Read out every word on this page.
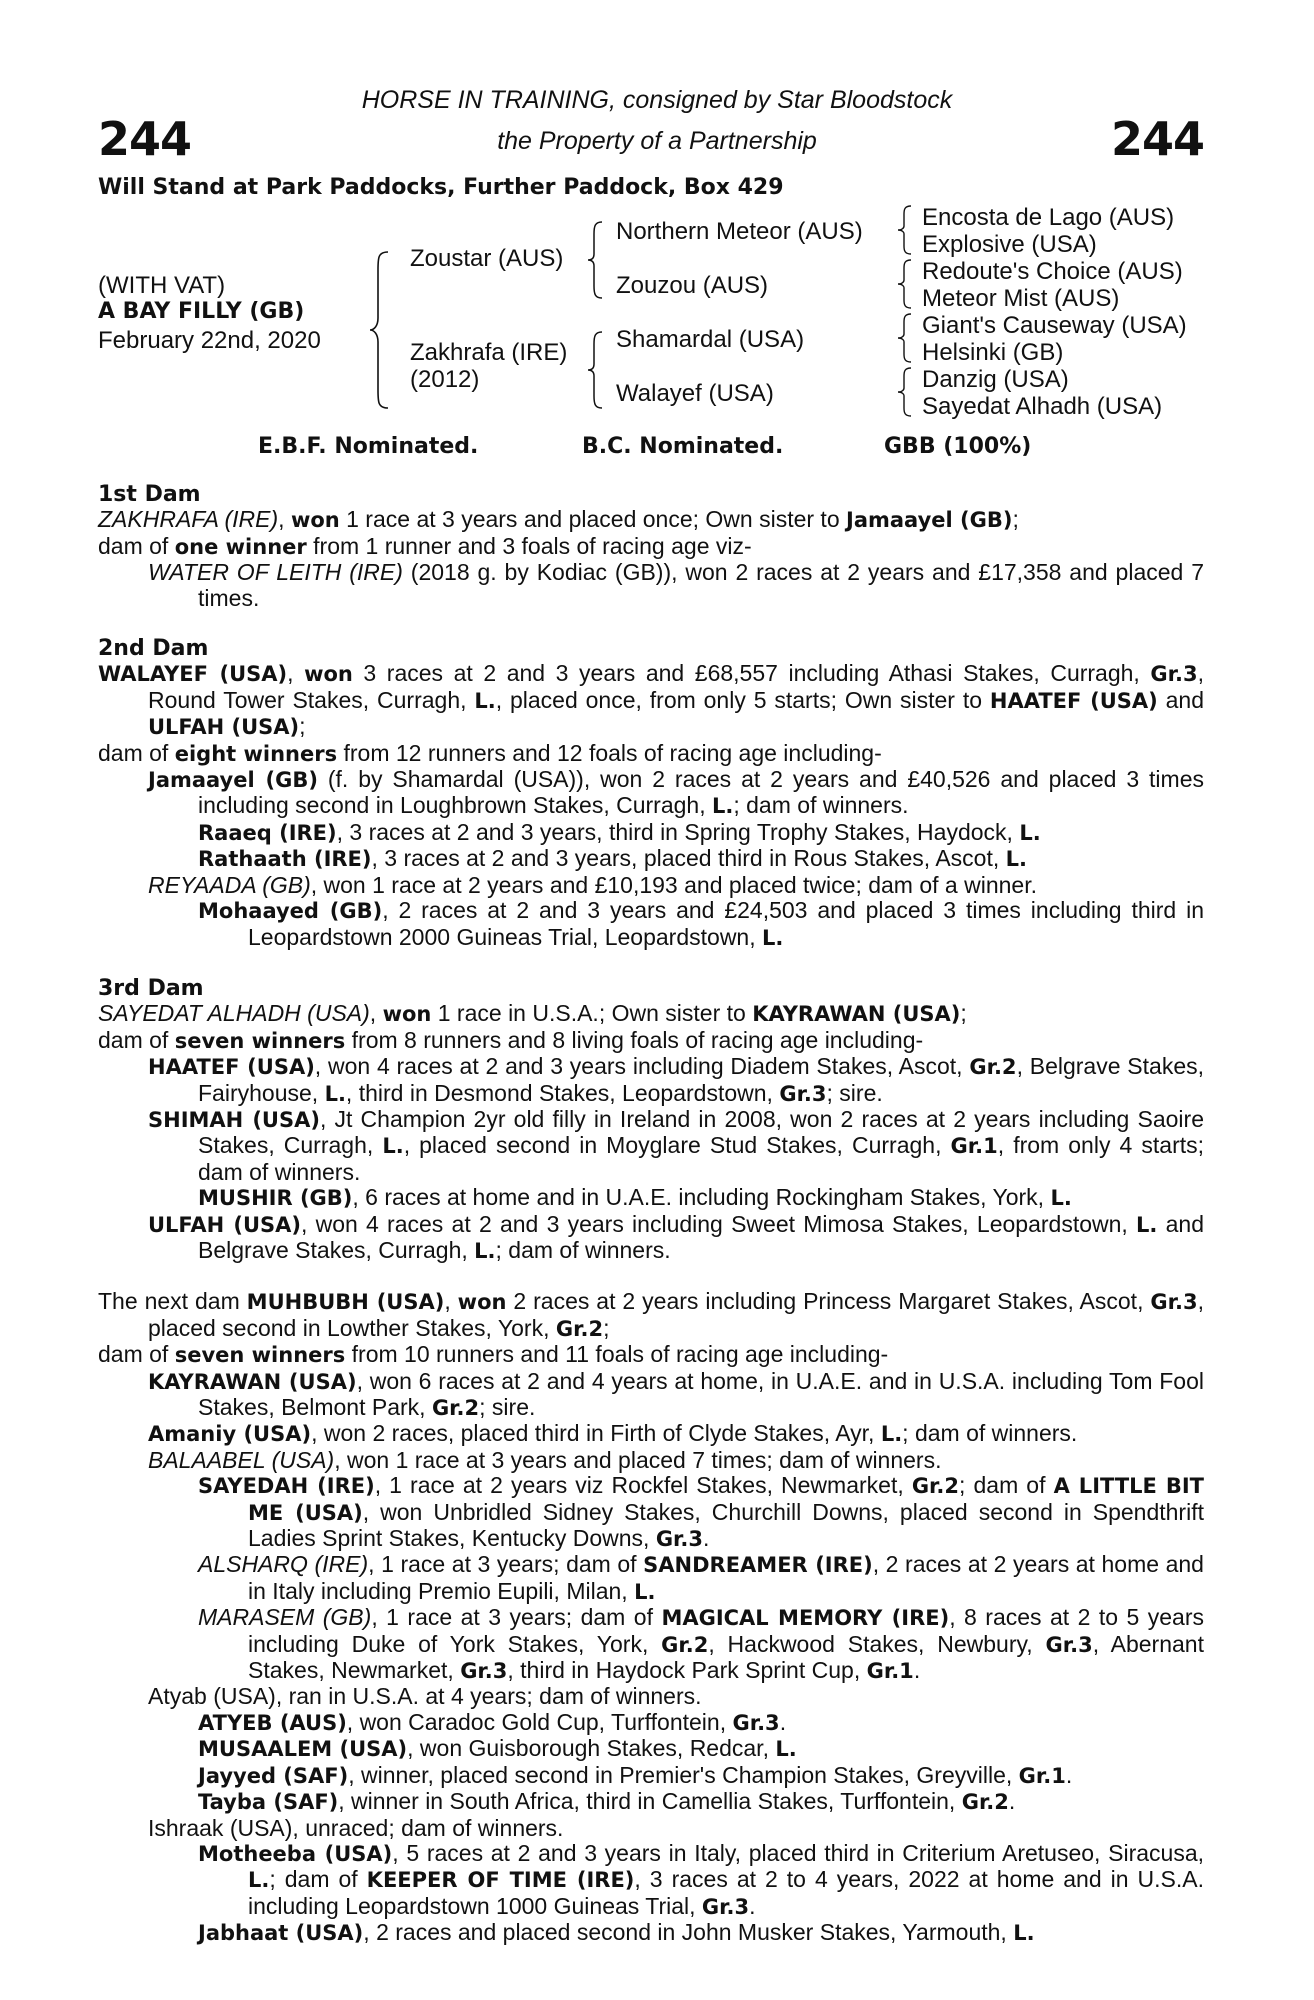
244	244
HORSE IN TRAINING, consigned by Star Bloodstock
the Property of a Partnership
Will Stand at Park Paddocks, Further Paddock, Box 429
(WITH VAT)
A BAY FILLY (GB)
February 22nd, 2020
Zoustar (AUS)
Zakhrafa (IRE)
(2012)
Northern Meteor (AUS)
Zouzou (AUS)
Shamardal (USA)
Walayef (USA)
Encosta de Lago (AUS)
Explosive (USA)
Redoute's Choice (AUS)
Meteor Mist (AUS)
Giant's Causeway (USA)
Helsinki (GB)
Danzig (USA)
Sayedat Alhadh (USA)
E.B.F. Nominated.	B.C. Nominated.	GBB (100%)
1st Dam

ZAKHRAFA (IRE), won 1 race at 3 years and placed once; Own sister to Jamaayel (GB);

dam of one winner from 1 runner and 3 foals of racing age viz-

WATER OF LEITH (IRE) (2018 g. by Kodiac (GB)), won 2 races at 2 years and £17,358 and placed 7 times.

2nd Dam

WALAYEF (USA), won 3 races at 2 and 3 years and £68,557 including Athasi Stakes, Curragh, Gr.3, Round Tower Stakes, Curragh, L., placed once, from only 5 starts; Own sister to HAATEF (USA) and ULFAH (USA);

dam of eight winners from 12 runners and 12 foals of racing age including-

Jamaayel (GB) (f. by Shamardal (USA)), won 2 races at 2 years and £40,526 and placed 3 times including second in Loughbrown Stakes, Curragh, L.; dam of winners.

Raaeq (IRE), 3 races at 2 and 3 years, third in Spring Trophy Stakes, Haydock, L.

Rathaath (IRE), 3 races at 2 and 3 years, placed third in Rous Stakes, Ascot, L.

REYAADA (GB), won 1 race at 2 years and £10,193 and placed twice; dam of a winner.

Mohaayed (GB), 2 races at 2 and 3 years and £24,503 and placed 3 times including third in Leopardstown 2000 Guineas Trial, Leopardstown, L.

3rd Dam

SAYEDAT ALHADH (USA), won 1 race in U.S.A.; Own sister to KAYRAWAN (USA);

dam of seven winners from 8 runners and 8 living foals of racing age including-

HAATEF (USA), won 4 races at 2 and 3 years including Diadem Stakes, Ascot, Gr.2, Belgrave Stakes, Fairyhouse, L., third in Desmond Stakes, Leopardstown, Gr.3; sire.

SHIMAH (USA), Jt Champion 2yr old filly in Ireland in 2008, won 2 races at 2 years including Saoire Stakes, Curragh, L., placed second in Moyglare Stud Stakes, Curragh, Gr.1, from only 4 starts; dam of winners.

MUSHIR (GB), 6 races at home and in U.A.E. including Rockingham Stakes, York, L.

ULFAH (USA), won 4 races at 2 and 3 years including Sweet Mimosa Stakes, Leopardstown, L. and Belgrave Stakes, Curragh, L.; dam of winners.

The next dam MUHBUBH (USA), won 2 races at 2 years including Princess Margaret Stakes, Ascot, Gr.3, placed second in Lowther Stakes, York, Gr.2;

dam of seven winners from 10 runners and 11 foals of racing age including-

KAYRAWAN (USA), won 6 races at 2 and 4 years at home, in U.A.E. and in U.S.A. including Tom Fool Stakes, Belmont Park, Gr.2; sire.

Amaniy (USA), won 2 races, placed third in Firth of Clyde Stakes, Ayr, L.; dam of winners.

BALAABEL (USA), won 1 race at 3 years and placed 7 times; dam of winners.

SAYEDAH (IRE), 1 race at 2 years viz Rockfel Stakes, Newmarket, Gr.2; dam of A LITTLE BIT ME (USA), won Unbridled Sidney Stakes, Churchill Downs, placed second in Spendthrift Ladies Sprint Stakes, Kentucky Downs, Gr.3.

ALSHARQ (IRE), 1 race at 3 years; dam of SANDREAMER (IRE), 2 races at 2 years at home and in Italy including Premio Eupili, Milan, L.

MARASEM (GB), 1 race at 3 years; dam of MAGICAL MEMORY (IRE), 8 races at 2 to 5 years including Duke of York Stakes, York, Gr.2, Hackwood Stakes, Newbury, Gr.3, Abernant Stakes, Newmarket, Gr.3, third in Haydock Park Sprint Cup, Gr.1.

Atyab (USA), ran in U.S.A. at 4 years; dam of winners.

ATYEB (AUS), won Caradoc Gold Cup, Turffontein, Gr.3.

MUSAALEM (USA), won Guisborough Stakes, Redcar, L.

Jayyed (SAF), winner, placed second in Premier's Champion Stakes, Greyville, Gr.1.

Tayba (SAF), winner in South Africa, third in Camellia Stakes, Turffontein, Gr.2.

Ishraak (USA), unraced; dam of winners.

Motheeba (USA), 5 races at 2 and 3 years in Italy, placed third in Criterium Aretuseo, Siracusa, L.; dam of KEEPER OF TIME (IRE), 3 races at 2 to 4 years, 2022 at home and in U.S.A. including Leopardstown 1000 Guineas Trial, Gr.3.

Jabhaat (USA), 2 races and placed second in John Musker Stakes, Yarmouth, L.
